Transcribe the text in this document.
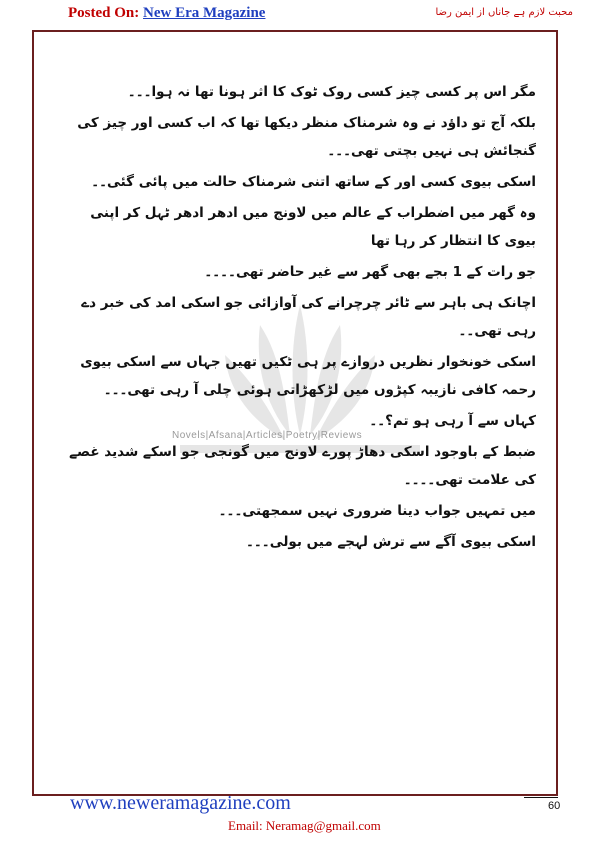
Posted On: New Era Magazine	محبت لازم ہے جاناں از ایمن رضا
Novels|Afsana|Articles|Poetry|Reviews

مگر اس پر کسی چیز کسی روک ٹوک کا اثر ہونا تھا نہ ہوا۔۔۔

بلکہ آج تو داؤد نے وہ شرمناک منظر دیکھا تھا کہ اب کسی اور چیز کی گنجائش ہی نہیں بچتی تھی۔۔۔

اسکی بیوی کسی اور کے ساتھ اتنی شرمناک حالت میں پائی گئی۔۔

وہ گھر میں اضطراب کے عالم میں لاونج میں ادھر ادھر ٹہل کر اپنی بیوی کا انتظار کر رہا تھا

جو رات کے 1 بجے بھی گھر سے غیر حاضر تھی۔۔۔۔

اچانک ہی باہر سے ٹائر چرچرانے کی آوازائی جو اسکی امد کی خبر دے رہی تھی۔۔

اسکی خونخوار نظریں دروازے پر ہی ٹکیں تھیں جہاں سے اسکی بیوی رحمہ کافی نازیبہ کپڑوں میں لڑکھڑاتی ہوئی چلی آ رہی تھی۔۔۔

کہاں سے آ رہی ہو تم؟۔۔

ضبط کے باوجود اسکی دھاڑ پورے لاونج میں گونجی جو اسکے شدید غصے کی علامت تھی۔۔۔۔

میں تمہیں جواب دینا ضروری نہیں سمجھتی۔۔۔

اسکی بیوی آگے سے ترش لہجے میں بولی۔۔۔

www.neweramagazine.com	60
Email: Neramag@gmail.com
